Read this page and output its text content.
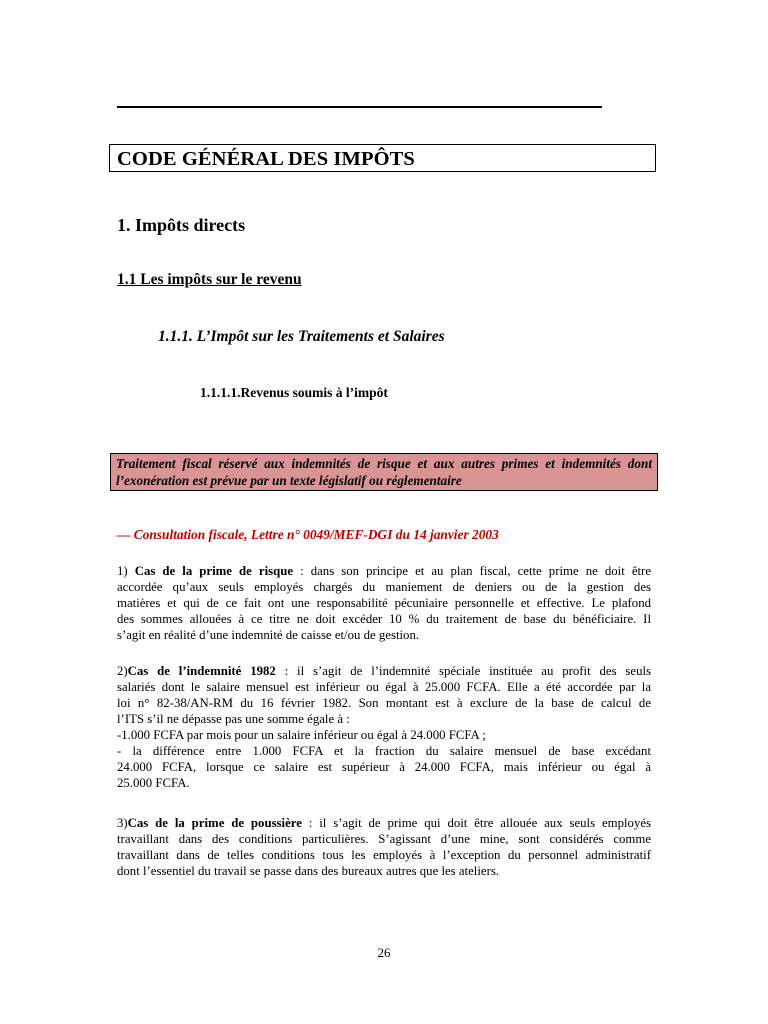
CODE GÉNÉRAL DES IMPÔTS
1. Impôts directs
1.1 Les impôts sur le revenu
1.1.1. L’Impôt sur les Traitements et Salaires
1.1.1.1.Revenus soumis à l’impôt
Traitement fiscal réservé aux indemnités de risque et aux autres primes et indemnités dont
l’exonération est prévue par un texte législatif ou réglementaire
— Consultation fiscale, Lettre n° 0049/MEF-DGI du 14 janvier 2003
1) Cas de la prime de risque : dans son principe et au plan fiscal, cette prime ne doit être
accordée qu’aux seuls employés chargés du maniement de deniers ou de la gestion des
matières et qui de ce fait ont une responsabilité pécuniaire personnelle et effective. Le plafond
des sommes allouées à ce titre ne doit excéder 10 % du traitement de base du bénéficiaire. Il
s’agit en réalité d’une indemnité de caisse et/ou de gestion.
2)Cas de l’indemnité 1982 : il s’agit de l’indemnité spéciale instituée au profit des seuls
salariés dont le salaire mensuel est inférieur ou égal à 25.000 FCFA. Elle a été accordée par la
loi n° 82-38/AN-RM du 16 février 1982. Son montant est à exclure de la base de calcul de
l’ITS s’il ne dépasse pas une somme égale à :
-1.000 FCFA par mois pour un salaire inférieur ou égal à 24.000 FCFA ;
- la différence entre 1.000 FCFA et la fraction du salaire mensuel de base excédant
24.000 FCFA, lorsque ce salaire est supérieur à 24.000 FCFA, mais inférieur ou égal à
25.000 FCFA.
3)Cas de la prime de poussière : il s’agit de prime qui doit être allouée aux seuls employés
travaillant dans des conditions particulières. S’agissant d’une mine, sont considérés comme
travaillant dans de telles conditions tous les employés à l’exception du personnel administratif
dont l’essentiel du travail se passe dans des bureaux autres que les ateliers.
26
